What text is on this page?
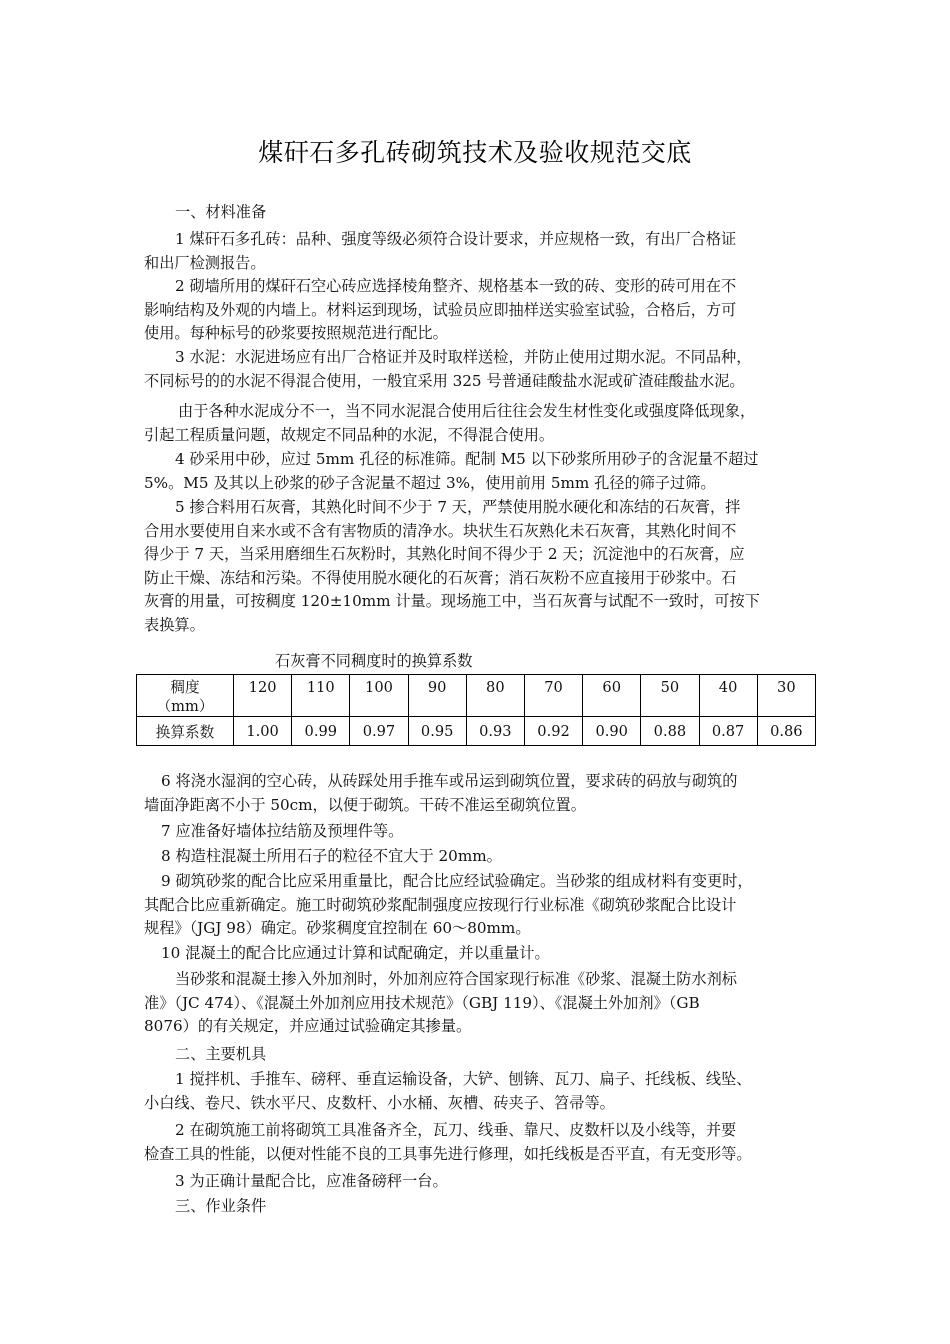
煤矸石多孔砖砌筑技术及验收规范交底
一、材料准备
1 煤矸石多孔砖：品种、强度等级必须符合设计要求，并应规格一致，有出厂合格证
和出厂检测报告。
2 砌墙所用的煤矸石空心砖应选择棱角整齐、规格基本一致的砖、变形的砖可用在不
影响结构及外观的内墙上。材料运到现场，试验员应即抽样送实验室试验，合格后，方可
使用。每种标号的砂浆要按照规范进行配比。
3 水泥：水泥进场应有出厂合格证并及时取样送检，并防止使用过期水泥。不同品种，
不同标号的的水泥不得混合使用，一般宜采用 325 号普通硅酸盐水泥或矿渣硅酸盐水泥。
由于各种水泥成分不一，当不同水泥混合使用后往往会发生材性变化或强度降低现象，
引起工程质量问题，故规定不同品种的水泥，不得混合使用。
4 砂采用中砂，应过 5mm 孔径的标准筛。配制 M5 以下砂浆所用砂子的含泥量不超过
5%。M5 及其以上砂浆的砂子含泥量不超过 3%，使用前用 5mm 孔径的筛子过筛。
5 掺合料用石灰膏，其熟化时间不少于 7 天，严禁使用脱水硬化和冻结的石灰膏，拌
合用水要使用自来水或不含有害物质的清净水。块状生石灰熟化未石灰膏，其熟化时间不
得少于 7 天，当采用磨细生石灰粉时，其熟化时间不得少于 2 天；沉淀池中的石灰膏，应
防止干燥、冻结和污染。不得使用脱水硬化的石灰膏；消石灰粉不应直接用于砂浆中。石
灰膏的用量，可按稠度 120±10mm 计量。现场施工中，当石灰膏与试配不一致时，可按下
表换算。
6 将浇水湿润的空心砖，从砖踩处用手推车或吊运到砌筑位置，要求砖的码放与砌筑的
墙面净距离不小于 50cm，以便于砌筑。干砖不准运至砌筑位置。
7 应准备好墙体拉结筋及预埋件等。
8 构造柱混凝土所用石子的粒径不宜大于 20mm。
9 砌筑砂浆的配合比应采用重量比，配合比应经试验确定。当砂浆的组成材料有变更时，
其配合比应重新确定。施工时砌筑砂浆配制强度应按现行行业标准《砌筑砂浆配合比设计
规程》（JGJ 98）确定。砂浆稠度宜控制在 60～80mm。
10 混凝土的配合比应通过计算和试配确定，并以重量计。
当砂浆和混凝土掺入外加剂时，外加剂应符合国家现行标准《砂浆、混凝土防水剂标
准》（JC 474）、《混凝土外加剂应用技术规范》（GBJ 119）、《混凝土外加剂》（GB
8076）的有关规定，并应通过试验确定其掺量。
二、主要机具
1 搅拌机、手推车、磅秤、垂直运输设备，大铲、刨锛、瓦刀、扁子、托线板、线坠、
小白线、卷尺、铁水平尺、皮数杆、小水桶、灰槽、砖夹子、笤帚等。
2 在砌筑施工前将砌筑工具准备齐全，瓦刀、线垂、靠尺、皮数杆以及小线等，并要
检查工具的性能，以便对性能不良的工具事先进行修理，如托线板是否平直，有无变形等。
3 为正确计量配合比，应准备磅秤一台。
三、作业条件
石灰膏不同稠度时的换算系数
稠度
（mm）	120	110	100	90	80	70	60	50	40	30
换算系数	1.00	0.99	0.97	0.95	0.93	0.92	0.90	0.88	0.87	0.86
